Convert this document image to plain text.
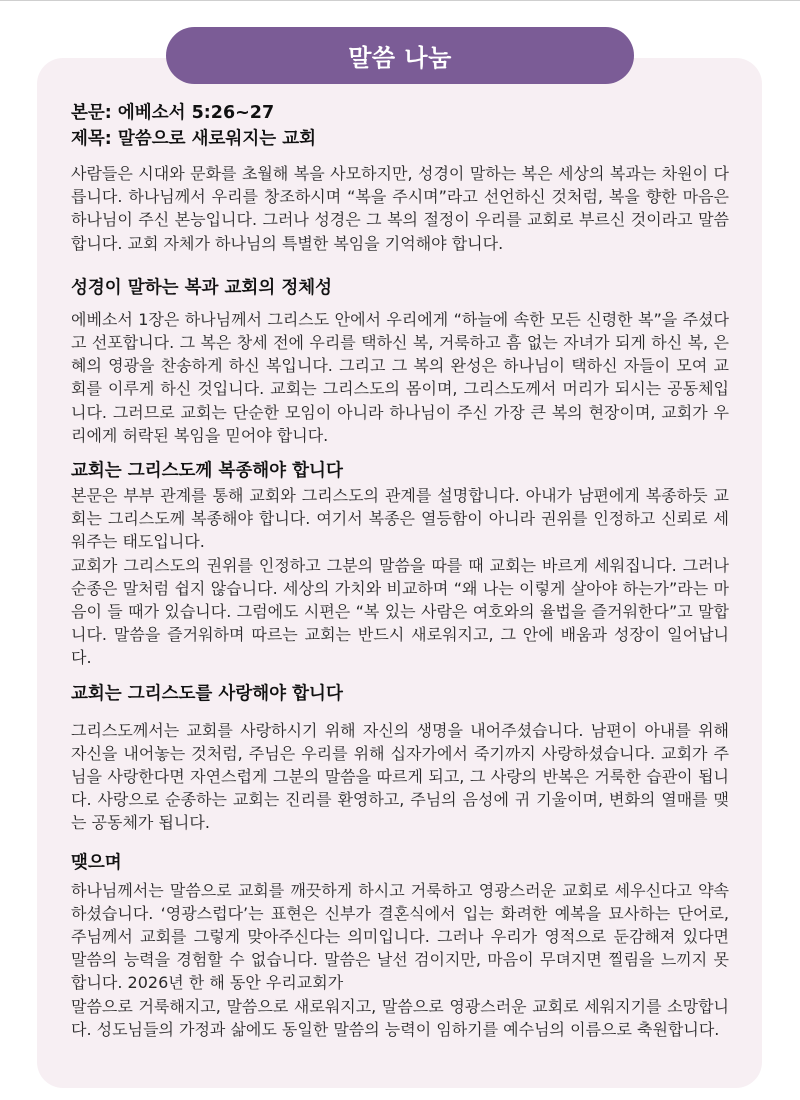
말씀 나눔
본문: 에베소서 5:26~27
제목: 말씀으로 새로워지는 교회

사람들은 시대와 문화를 초월해 복을 사모하지만, 성경이 말하는 복은 세상의 복과는 차원이 다릅니다. 하나님께서 우리를 창조하시며 “복을 주시며”라고 선언하신 것처럼, 복을 향한 마음은 하나님이 주신 본능입니다. 그러나 성경은 그 복의 절정이 우리를 교회로 부르신 것이라고 말씀합니다. 교회 자체가 하나님의 특별한 복임을 기억해야 합니다.

성경이 말하는 복과 교회의 정체성

에베소서 1장은 하나님께서 그리스도 안에서 우리에게 “하늘에 속한 모든 신령한 복”을 주셨다고 선포합니다. 그 복은 창세 전에 우리를 택하신 복, 거룩하고 흠 없는 자녀가 되게 하신 복, 은혜의 영광을 찬송하게 하신 복입니다. 그리고 그 복의 완성은 하나님이 택하신 자들이 모여 교회를 이루게 하신 것입니다. 교회는 그리스도의 몸이며, 그리스도께서 머리가 되시는 공동체입니다. 그러므로 교회는 단순한 모임이 아니라 하나님이 주신 가장 큰 복의 현장이며, 교회가 우리에게 허락된 복임을 믿어야 합니다.

교회는 그리스도께 복종해야 합니다

본문은 부부 관계를 통해 교회와 그리스도의 관계를 설명합니다. 아내가 남편에게 복종하듯 교회는 그리스도께 복종해야 합니다. 여기서 복종은 열등함이 아니라 권위를 인정하고 신뢰로 세워주는 태도입니다.

교회가 그리스도의 권위를 인정하고 그분의 말씀을 따를 때 교회는 바르게 세워집니다. 그러나 순종은 말처럼 쉽지 않습니다. 세상의 가치와 비교하며 “왜 나는 이렇게 살아야 하는가”라는 마음이 들 때가 있습니다. 그럼에도 시편은 “복 있는 사람은 여호와의 율법을 즐거워한다”고 말합니다. 말씀을 즐거워하며 따르는 교회는 반드시 새로워지고, 그 안에 배움과 성장이 일어납니다.

교회는 그리스도를 사랑해야 합니다

그리스도께서는 교회를 사랑하시기 위해 자신의 생명을 내어주셨습니다. 남편이 아내를 위해 자신을 내어놓는 것처럼, 주님은 우리를 위해 십자가에서 죽기까지 사랑하셨습니다. 교회가 주님을 사랑한다면 자연스럽게 그분의 말씀을 따르게 되고, 그 사랑의 반복은 거룩한 습관이 됩니다. 사랑으로 순종하는 교회는 진리를 환영하고, 주님의 음성에 귀 기울이며, 변화의 열매를 맺는 공동체가 됩니다.

맺으며

하나님께서는 말씀으로 교회를 깨끗하게 하시고 거룩하고 영광스러운 교회로 세우신다고 약속하셨습니다. ‘영광스럽다’는 표현은 신부가 결혼식에서 입는 화려한 예복을 묘사하는 단어로, 주님께서 교회를 그렇게 맞아주신다는 의미입니다. 그러나 우리가 영적으로 둔감해져 있다면 말씀의 능력을 경험할 수 없습니다. 말씀은 날선 검이지만, 마음이 무뎌지면 찔림을 느끼지 못합니다. 2026년 한 해 동안 우리교회가

말씀으로 거룩해지고, 말씀으로 새로워지고, 말씀으로 영광스러운 교회로 세워지기를 소망합니다. 성도님들의 가정과 삶에도 동일한 말씀의 능력이 임하기를 예수님의 이름으로 축원합니다.
